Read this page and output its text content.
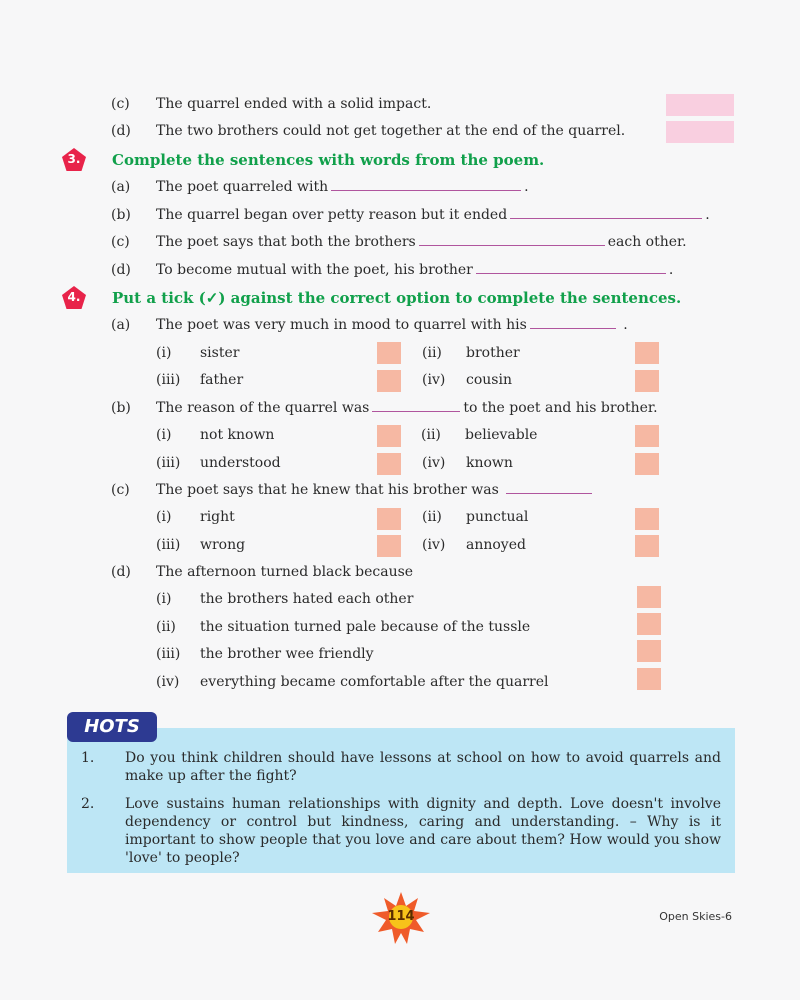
(c) The quarrel ended with a solid impact.
(d) The two brothers could not get together at the end of the quarrel.
3.	Complete the sentences with words from the poem.
(a) The poet quarreled with	.
(b) The quarrel began over petty reason but it ended	.
(c) The poet says that both the brothers	each other.
(d) To become mutual with the poet, his brother	.
4.	Put a tick (✓) against the correct option to complete the sentences.
(a) The poet was very much in mood to quarrel with his	.
(i) sister	(ii) brother
(iii) father	(iv) cousin
(b) The reason of the quarrel was	to the poet and his brother.
(i) not known	(ii) believable
(iii) understood	(iv) known
(c) The poet says that he knew that his brother was
(i) right	(ii) punctual
(iii) wrong	(iv) annoyed
(d) The afternoon turned black because
(i) the brothers hated each other
(ii) the situation turned pale because of the tussle
(iii) the brother wee friendly
(iv) everything became comfortable after the quarrel
HOTS
1. Do you think children should have lessons at school on how to avoid quarrels and make up after the fight?
2. Love sustains human relationships with dignity and depth. Love doesn't involve dependency or control but kindness, caring and understanding. – Why is it important to show people that you love and care about them? How would you show 'love' to people?
114	Open Skies-6
